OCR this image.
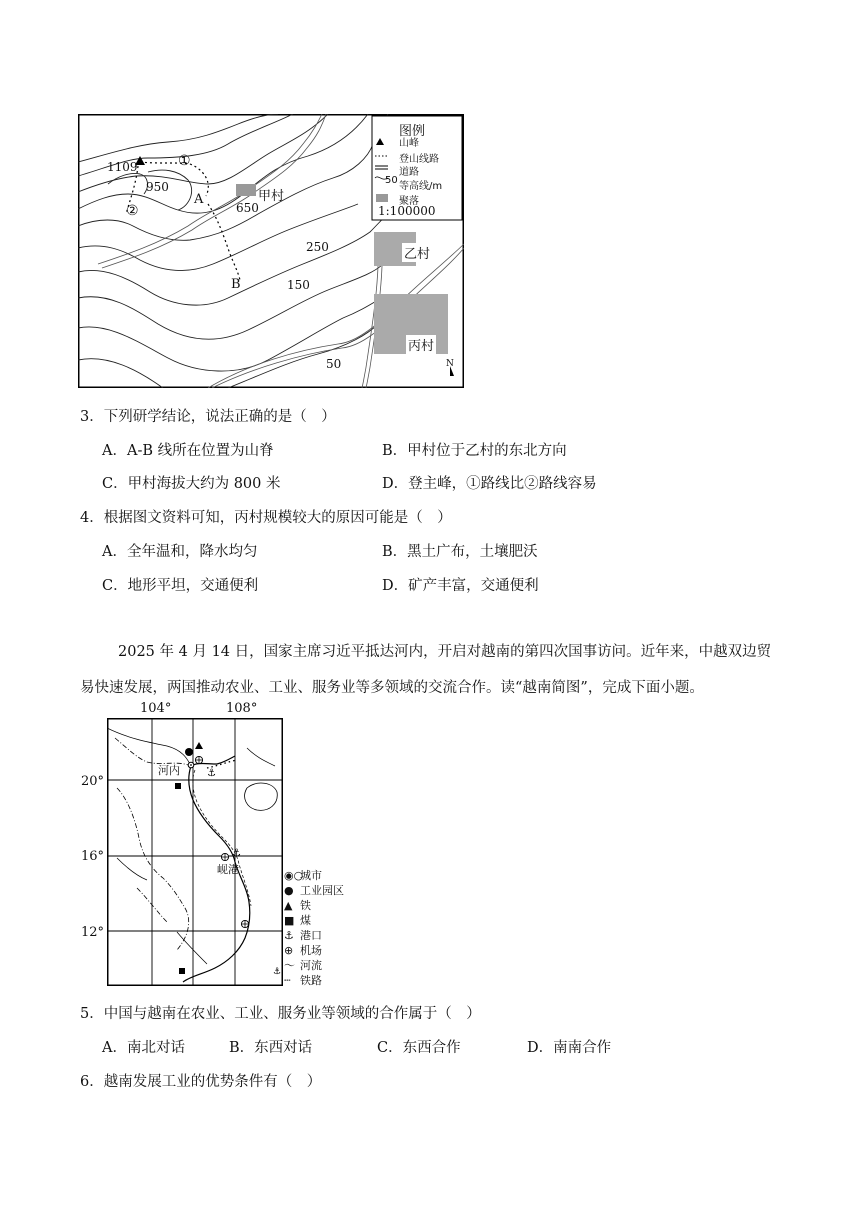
图例
山峰
登山线路
道路
50
等高线/m
聚落
1:100000
1109
950
650
250
150
50
A
B
①
②
甲村
乙村
丙村
N
3．下列研学结论，说法正确的是（　）
A．A-B 线所在位置为山脊	B．甲村位于乙村的东北方向
C．甲村海拔大约为 800 米	D．登主峰，①路线比②路线容易
4．根据图文资料可知，丙村规模较大的原因可能是（　）
A．全年温和，降水均匀	B．黑土广布，土壤肥沃
C．地形平坦，交通便利	D．矿产丰富，交通便利
2025 年 4 月 14 日，国家主席习近平抵达河内，开启对越南的第四次国事访问。近年来，中越双边贸
易快速发展，两国推动农业、工业、服务业等多领域的交流合作。读“越南简图”，完成下面小题。
⚓
⚓
⚓
104°	108°
20°
16°
12°
河内
岘港	◉○城市
● 工业园区
▲ 铁
■ 煤
⚓ 港口
⊕ 机场
〜 河流
┄ 铁路
5．中国与越南在农业、工业、服务业等领域的合作属于（　）
A．南北对话	B．东西对话	C．东西合作	D．南南合作
6．越南发展工业的优势条件有（　）
